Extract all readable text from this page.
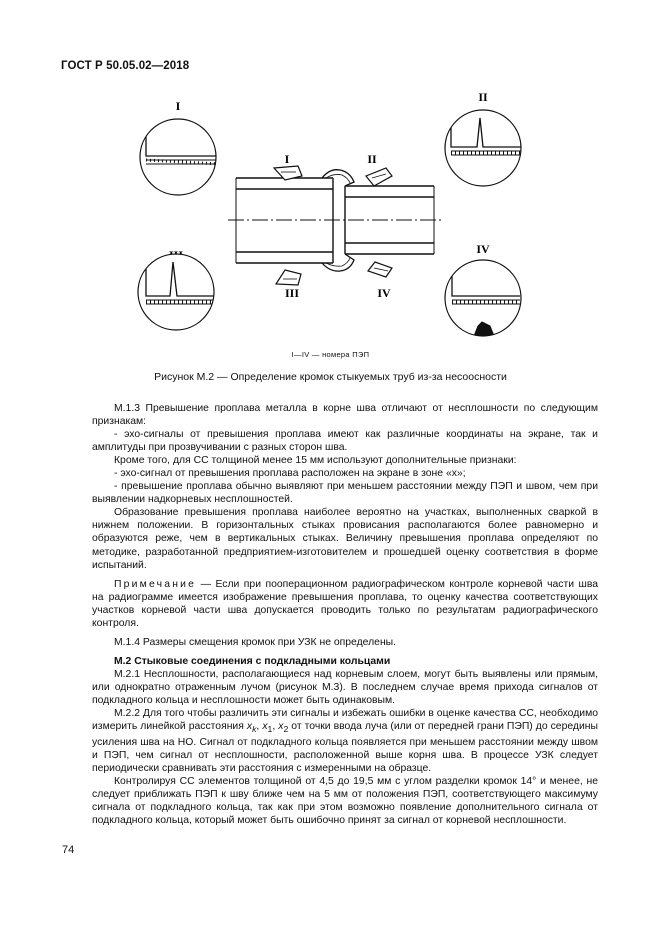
ГОСТ Р 50.05.02—2018
I	II
III	IV
I
II
IV
I—IV — номера ПЭП
Рисунок М.2 — Определение кромок стыкуемых труб из-за несоосности

М.1.3 Превышение проплава металла в корне шва отличают от несплошности по следующим признакам:

- эхо-сигналы от превышения проплава имеют как различные координаты на экране, так и амплитуды при прозвучивании с разных сторон шва.

Кроме того, для СС толщиной менее 15 мм используют дополнительные признаки:

- эхо-сигнал от превышения проплава расположен на экране в зоне «x»;

- превышение проплава обычно выявляют при меньшем расстоянии между ПЭП и швом, чем при выявлении надкорневых несплошностей.

Образование превышения проплава наиболее вероятно на участках, выполненных сваркой в нижнем положении. В горизонтальных стыках провисания располагаются более равномерно и образуются реже, чем в вертикальных стыках. Величину превышения проплава определяют по методике, разработанной предприятием-изготовителем и прошедшей оценку соответствия в форме испытаний.

Примечание — Если при пооперационном радиографическом контроле корневой части шва на радиограмме имеется изображение превышения проплава, то оценку качества соответствующих участков корневой части шва допускается проводить только по результатам радиографического контроля.

М.1.4 Размеры смещения кромок при УЗК не определены.

М.2 Стыковые соединения с подкладными кольцами

М.2.1 Несплошности, располагающиеся над корневым слоем, могут быть выявлены или прямым, или однократно отраженным лучом (рисунок М.3). В последнем случае время прихода сигналов от подкладного кольца и несплошности может быть одинаковым.

М.2.2 Для того чтобы различить эти сигналы и избежать ошибки в оценке качества СС, необходимо измерить линейкой расстояния $x_k$, $x_1$, $x_2$ от точки ввода луча (или от передней грани ПЭП) до середины усиления шва на НО. Сигнал от подкладного кольца появляется при меньшем расстоянии между швом и ПЭП, чем сигнал от несплошности, расположенной выше корня шва. В процессе УЗК следует периодически сравнивать эти расстояния с измеренными на образце.

Контролируя СС элементов толщиной от 4,5 до 19,5 мм с углом разделки кромок 14° и менее, не следует приближать ПЭП к шву ближе чем на 5 мм от положения ПЭП, соответствующего максимуму сигнала от подкладного кольца, так как при этом возможно появление дополнительного сигнала от подкладного кольца, который может быть ошибочно принят за сигнал от корневой несплошности.

74
